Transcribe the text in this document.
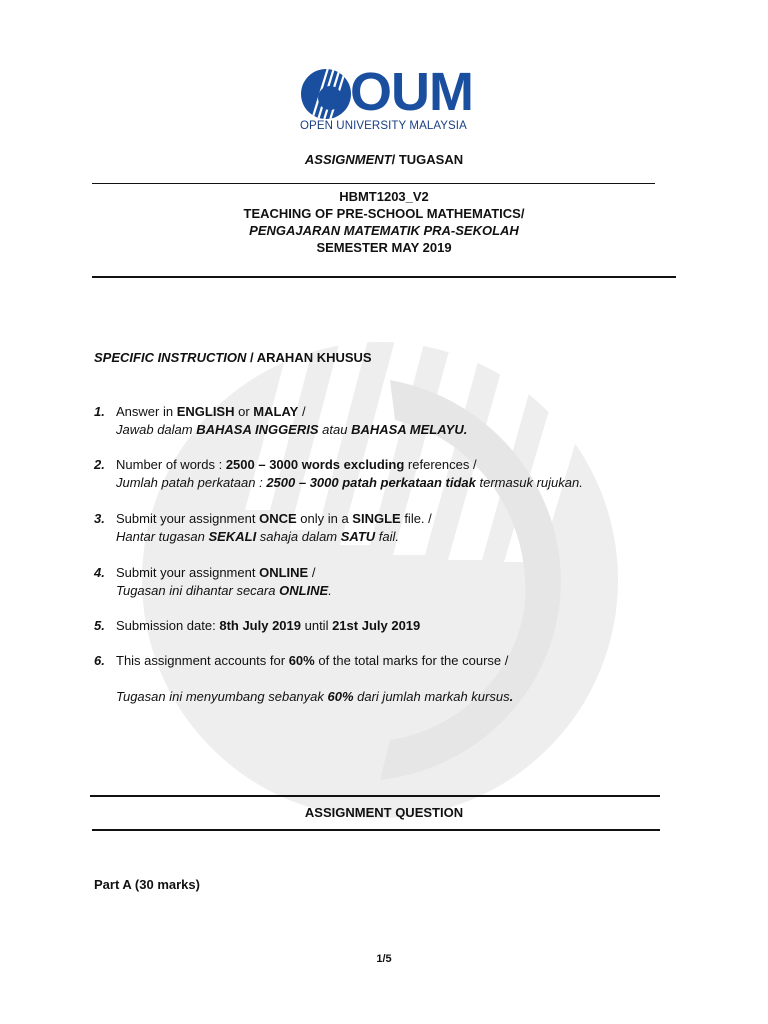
OUM
OPEN UNIVERSITY MALAYSIA
ASSIGNMENT/ TUGASAN
HBMT1203_V2
TEACHING OF PRE-SCHOOL MATHEMATICS/
PENGAJARAN MATEMATIK PRA-SEKOLAH
SEMESTER MAY 2019
SPECIFIC INSTRUCTION / ARAHAN KHUSUS
1. Answer in ENGLISH or MALAY /
Jawab dalam BAHASA INGGERIS atau BAHASA MELAYU.
2. Number of words : 2500 – 3000 words excluding references /
Jumlah patah perkataan : 2500 – 3000 patah perkataan tidak termasuk rujukan.
3. Submit your assignment ONCE only in a SINGLE file. /
Hantar tugasan SEKALI sahaja dalam SATU fail.
4. Submit your assignment ONLINE /
Tugasan ini dihantar secara ONLINE.
5. Submission date: 8th July 2019 until 21st July 2019
6. This assignment accounts for 60% of the total marks for the course /
Tugasan ini menyumbang sebanyak 60% dari jumlah markah kursus.
ASSIGNMENT QUESTION
Part A (30 marks)
1/5
